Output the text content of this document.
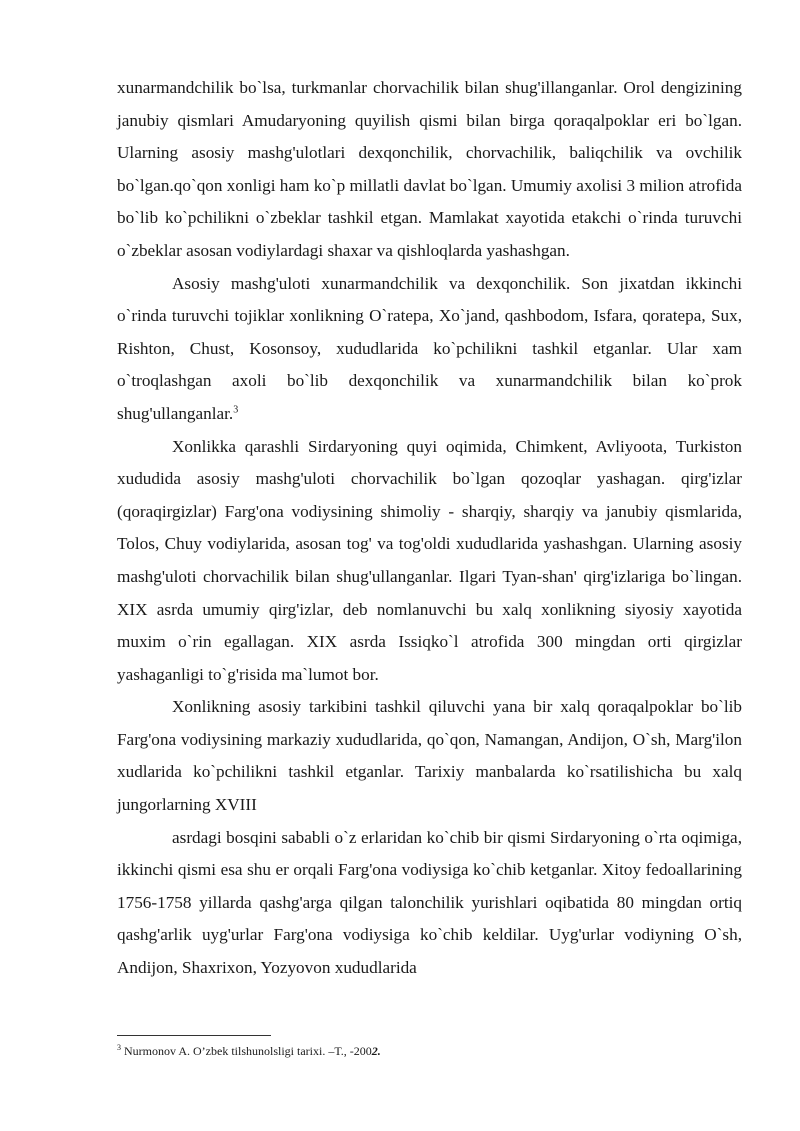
xunarmandchilik bo`lsa, turkmanlar chorvachilik bilan shug'illanganlar. Orol dengizining janubiy qismlari Amudaryoning quyilish qismi bilan birga qoraqalpoklar eri bo`lgan. Ularning asosiy mashg'ulotlari dexqonchilik, chorvachilik, baliqchilik va ovchilik bo`lgan.qo`qon xonligi ham ko`p millatli davlat bo`lgan. Umumiy axolisi 3 milion atrofida bo`lib ko`pchilikni o`zbeklar tashkil etgan. Mamlakat xayotida etakchi o`rinda turuvchi o`zbeklar asosan vodiylardagi shaxar va qishloqlarda yashashgan.

Asosiy mashg'uloti xunarmandchilik va dexqonchilik. Son jixatdan ikkinchi o`rinda turuvchi tojiklar xonlikning O`ratepa, Xo`jand, qashbodom, Isfara, qoratepa, Sux, Rishton, Chust, Kosonsoy, xududlarida ko`pchilikni tashkil etganlar. Ular xam o`troqlashgan axoli bo`lib dexqonchilik va xunarmandchilik bilan ko`prok shug'ullanganlar.$^3$

Xonlikka qarashli Sirdaryoning quyi oqimida, Chimkent, Avliyoota, Turkiston xududida asosiy mashg'uloti chorvachilik bo`lgan qozoqlar yashagan. qirg'izlar (qoraqirgizlar) Farg'ona vodiysining shimoliy - sharqiy, sharqiy va janubiy qismlarida, Tolos, Chuy vodiylarida, asosan tog' va tog'oldi xududlarida yashashgan. Ularning asosiy mashg'uloti chorvachilik bilan shug'ullanganlar. Ilgari Tyan-shan' qirg'izlariga bo`lingan. XIX asrda umumiy qirg'izlar, deb nomlanuvchi bu xalq xonlikning siyosiy xayotida muxim o`rin egallagan. XIX asrda Issiqko`l atrofida 300 mingdan orti qirgizlar yashaganligi to`g'risida ma`lumot bor.

Xonlikning asosiy tarkibini tashkil qiluvchi yana bir xalq qoraqalpoklar bo`lib Farg'ona vodiysining markaziy xududlarida, qo`qon, Namangan, Andijon, O`sh, Marg'ilon xudlarida ko`pchilikni tashkil etganlar. Tarixiy manbalarda ko`rsatilishicha bu xalq jungorlarning XVIII

asrdagi bosqini sababli o`z erlaridan ko`chib bir qismi Sirdaryoning o`rta oqimiga, ikkinchi qismi esa shu er orqali Farg'ona vodiysiga ko`chib ketganlar. Xitoy fedoallarining 1756-1758 yillarda qashg'arga qilgan talonchilik yurishlari oqibatida 80 mingdan ortiq qashg'arlik uyg'urlar Farg'ona vodiysiga ko`chib keldilar. Uyg'urlar vodiyning O`sh, Andijon, Shaxrixon, Yozyovon xududlarida

$^3$ Nurmonov A. O’zbek tilshunolsligi tarixi. –T., -2002.
